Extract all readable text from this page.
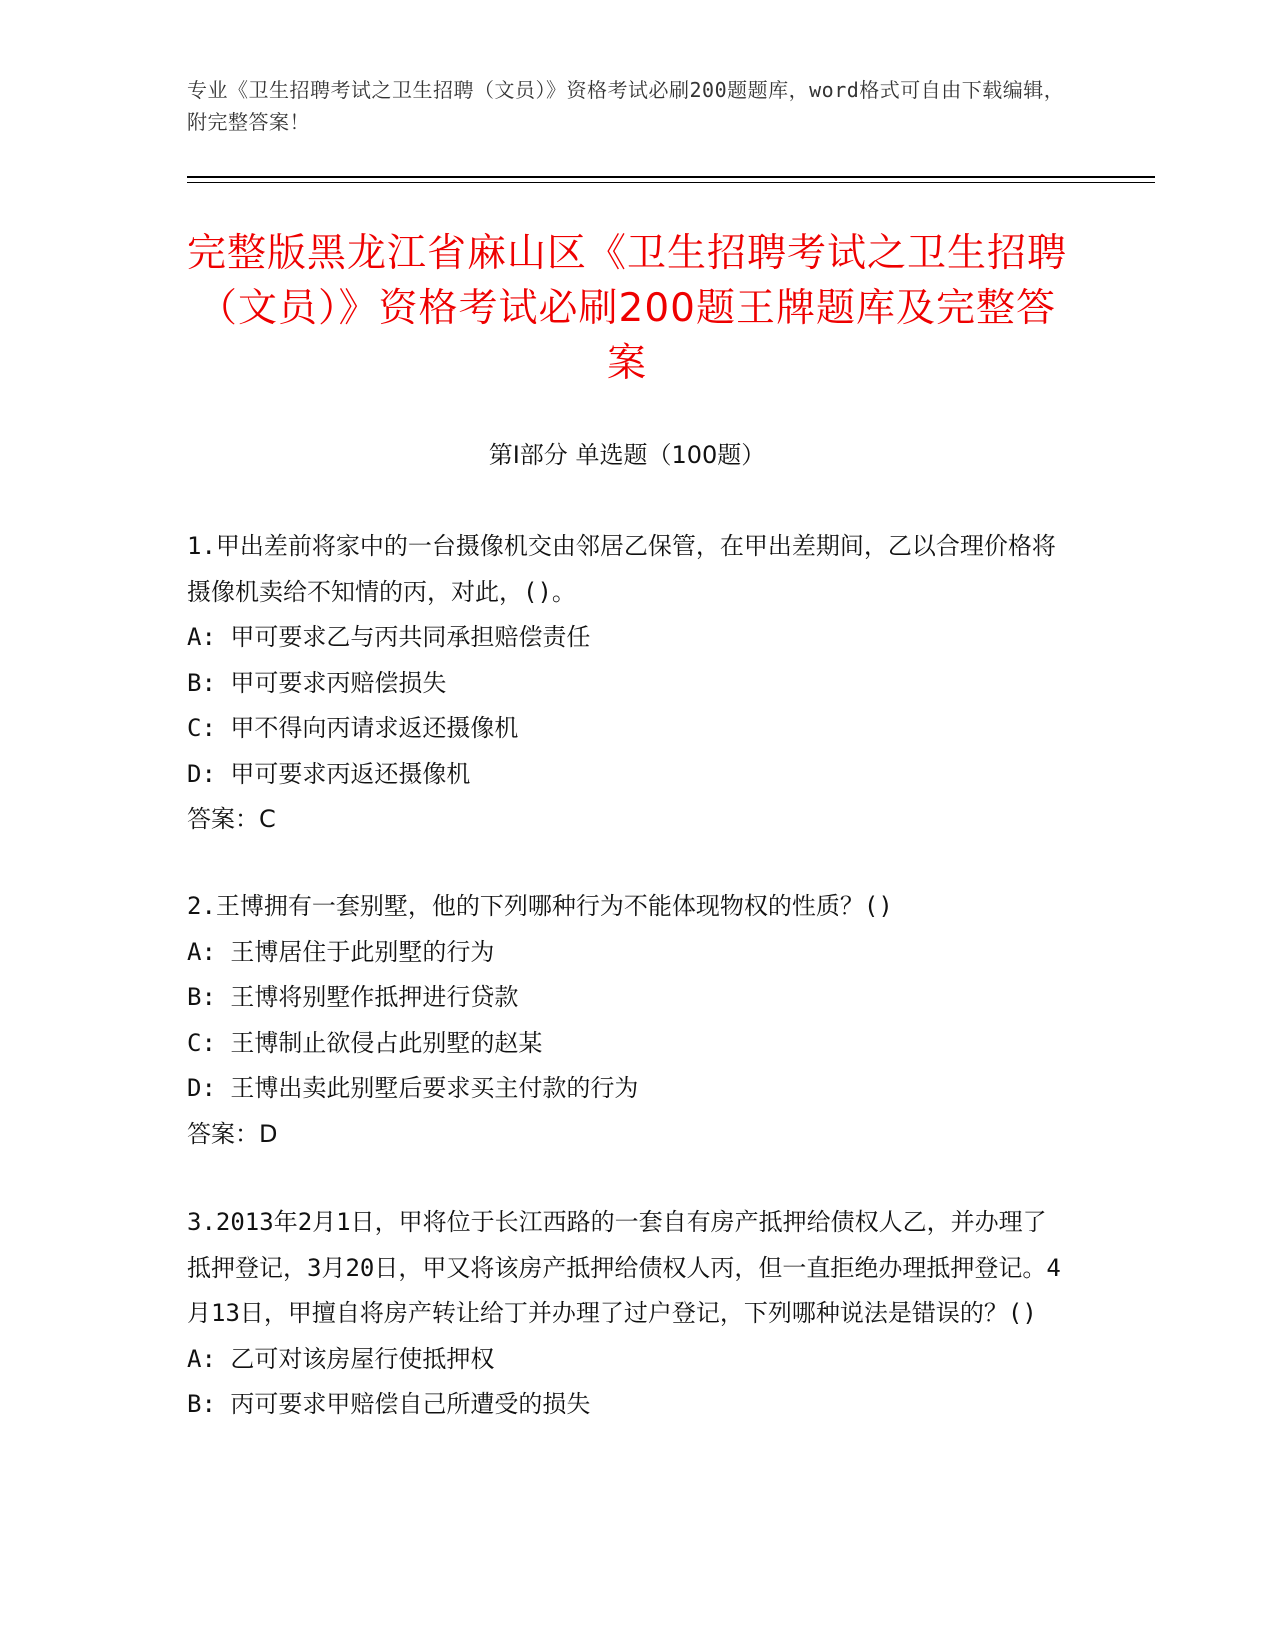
专业《卫生招聘考试之卫生招聘（文员）》资格考试必刷200题题库，word格式可自由下载编辑，附完整答案！
完整版黑龙江省麻山区《卫生招聘考试之卫生招聘（文员）》资格考试必刷200题王牌题库及完整答案
第Ⅰ部分 单选题（100题）
1.甲出差前将家中的一台摄像机交由邻居乙保管，在甲出差期间，乙以合理价格将摄像机卖给不知情的丙，对此，()。
A: 甲可要求乙与丙共同承担赔偿责任
B: 甲可要求丙赔偿损失
C: 甲不得向丙请求返还摄像机
D: 甲可要求丙返还摄像机
答案：C
2.王博拥有一套别墅，他的下列哪种行为不能体现物权的性质？()
A: 王博居住于此别墅的行为
B: 王博将别墅作抵押进行贷款
C: 王博制止欲侵占此别墅的赵某
D: 王博出卖此别墅后要求买主付款的行为
答案：D
3.2013年2月1日，甲将位于长江西路的一套自有房产抵押给债权人乙，并办理了抵押登记，3月20日，甲又将该房产抵押给债权人丙，但一直拒绝办理抵押登记。4月13日，甲擅自将房产转让给丁并办理了过户登记，下列哪种说法是错误的？()
A: 乙可对该房屋行使抵押权
B: 丙可要求甲赔偿自己所遭受的损失
